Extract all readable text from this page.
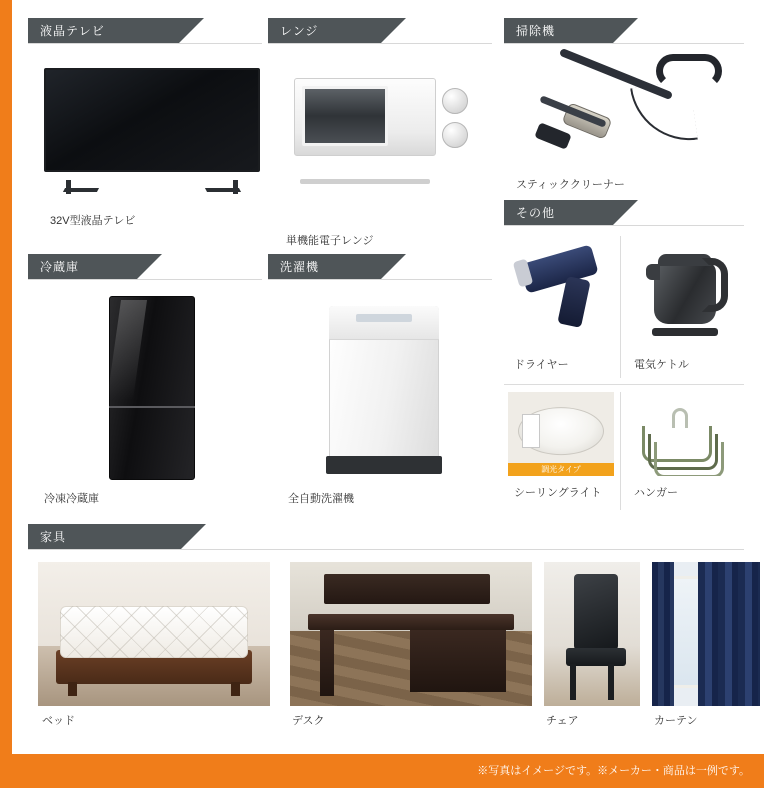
液晶テレビ
32V型液晶テレビ
レンジ
単機能電子レンジ
掃除機
スティッククリーナー
冷蔵庫
冷凍冷蔵庫
洗濯機
全自動洗濯機
その他
ドライヤー	電気ケトル
調光タイプ
シーリングライト	ハンガー
家具
ベッド	デスク	チェア	カーテン
※写真はイメージです。※メーカー・商品は一例です。
